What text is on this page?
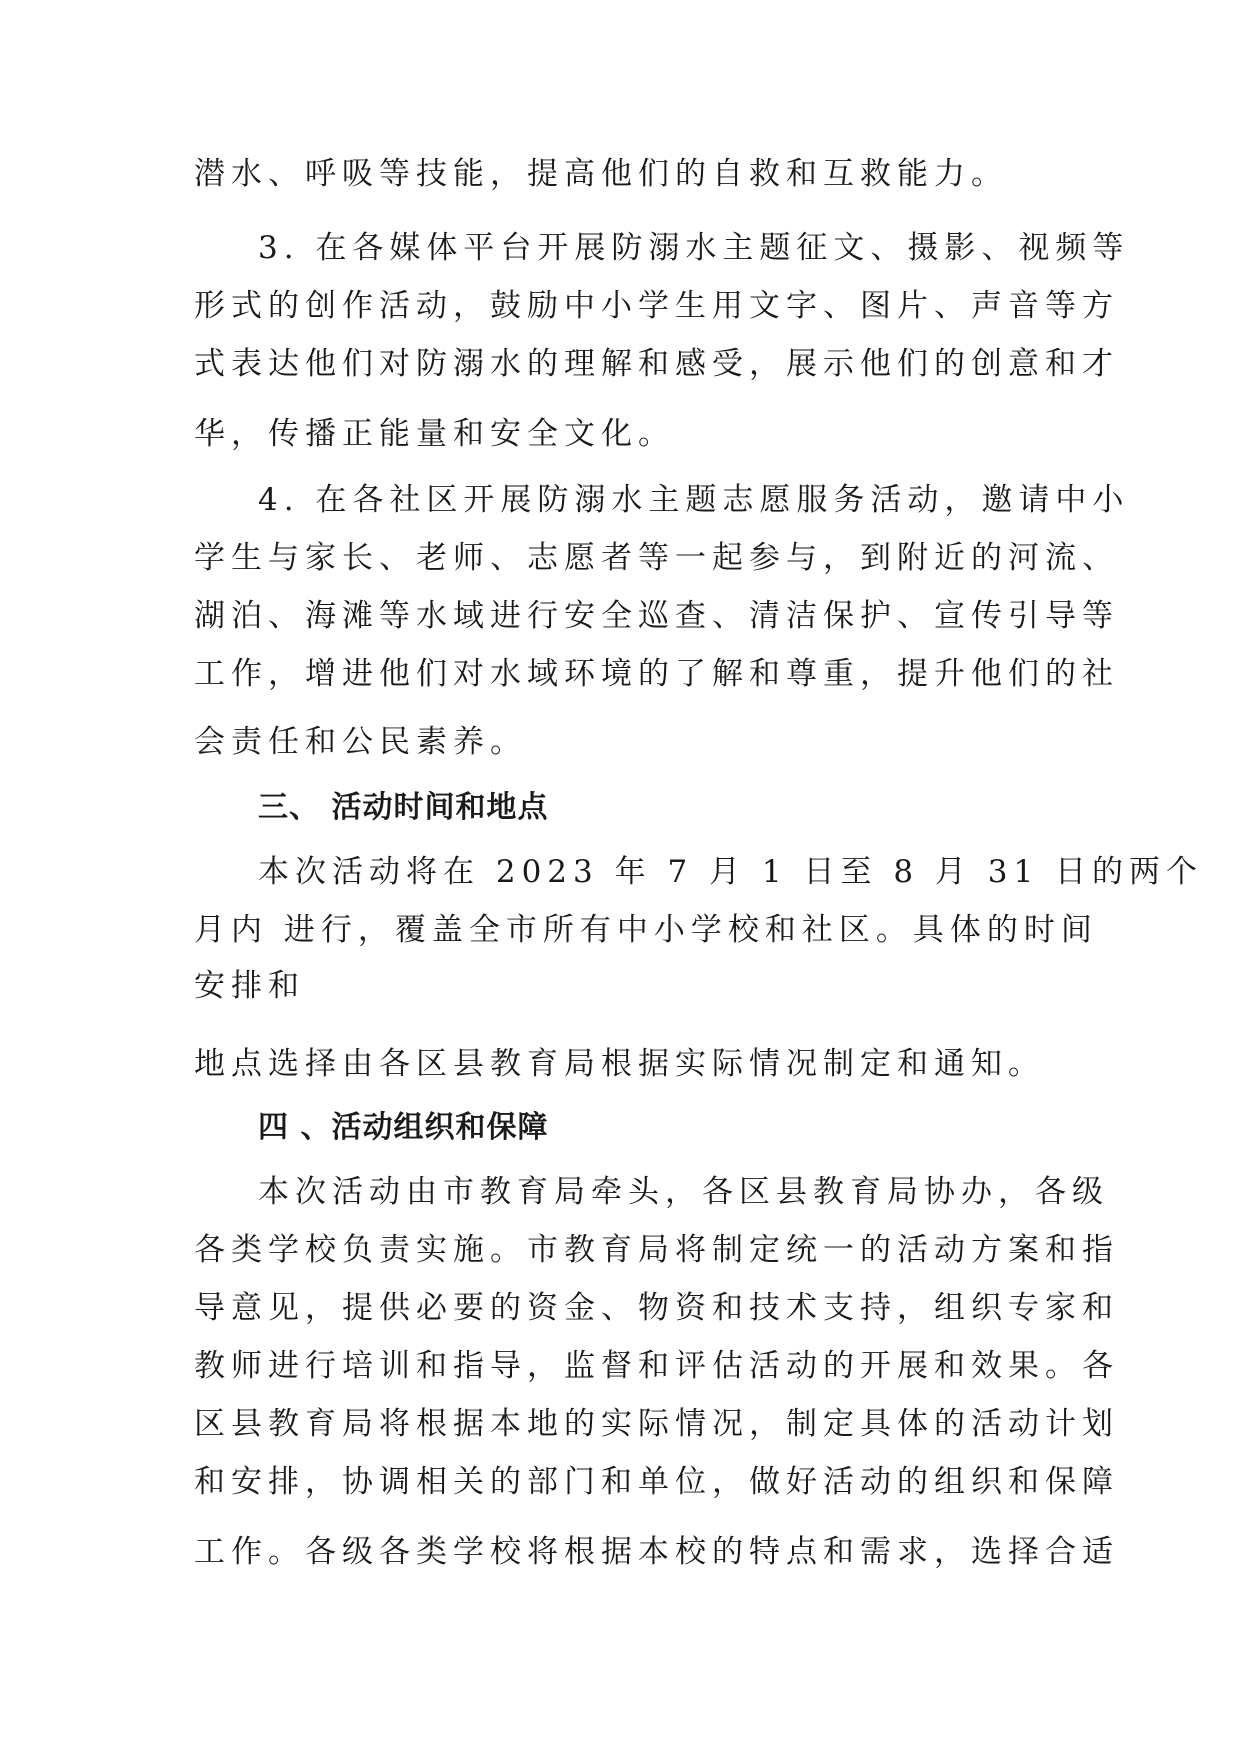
潜水、呼吸等技能，提高他们的自救和互救能力。
3. 在各媒体平台开展防溺水主题征文、摄影、视频等
形式的创作活动，鼓励中小学生用文字、图片、声音等方
式表达他们对防溺水的理解和感受，展示他们的创意和才
华，传播正能量和安全文化。
4. 在各社区开展防溺水主题志愿服务活动，邀请中小
学生与家长、老师、志愿者等一起参与，到附近的河流、
湖泊、海滩等水域进行安全巡查、清洁保护、宣传引导等
工作，增进他们对水域环境的了解和尊重，提升他们的社
会责任和公民素养。
三、 活动时间和地点
本次活动将在 2023 年 7 月 1 日至 8 月 31 日的两个
月内 进行，覆盖全市所有中小学校和社区。具体的时间
安排和
地点选择由各区县教育局根据实际情况制定和通知。
四 、活动组织和保障
本次活动由市教育局牵头，各区县教育局协办，各级
各类学校负责实施。市教育局将制定统一的活动方案和指
导意见，提供必要的资金、物资和技术支持，组织专家和
教师进行培训和指导，监督和评估活动的开展和效果。各
区县教育局将根据本地的实际情况，制定具体的活动计划
和安排，协调相关的部门和单位，做好活动的组织和保障
工作。各级各类学校将根据本校的特点和需求，选择合适
